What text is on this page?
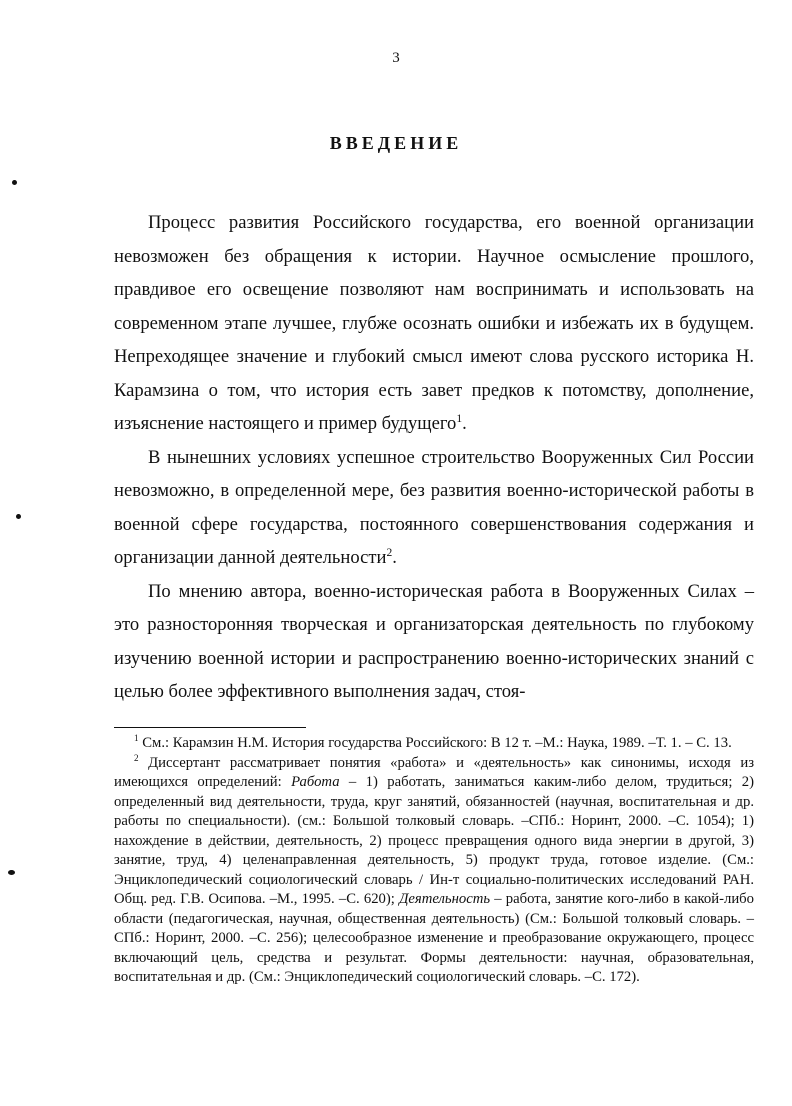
3
ВВЕДЕНИЕ

Процесс развития Российского государства, его военной организации невозможен без обращения к истории. Научное осмысление прошлого, правдивое его освещение позволяют нам воспринимать и использовать на современном этапе лучшее, глубже осознать ошибки и избежать их в будущем. Непреходящее значение и глубокий смысл имеют слова русского историка Н. Карамзина о том, что история есть завет предков к потомству, дополнение, изъяснение настоящего и пример будущего$^1$.

В нынешних условиях успешное строительство Вооруженных Сил России невозможно, в определенной мере, без развития военно-исторической работы в военной сфере государства, постоянного совершенствования содержания и организации данной деятельности$^2$.

По мнению автора, военно-историческая работа в Вооруженных Силах – это разносторонняя творческая и организаторская деятельность по глубокому изучению военной истории и распространению военно-исторических знаний с целью более эффективного выполнения задач, стоя-

$^1$ См.: Карамзин Н.М. История государства Российского: В 12 т. –М.: Наука, 1989. –Т. 1. – С. 13.

$^2$ Диссертант рассматривает понятия «работа» и «деятельность» как синонимы, исходя из имеющихся определений: Работа – 1) работать, заниматься каким-либо делом, трудиться; 2) определенный вид деятельности, труда, круг занятий, обязанностей (научная, воспитательная и др. работы по специальности). (см.: Большой толковый словарь. –СПб.: Норинт, 2000. –С. 1054); 1) нахождение в действии, деятельность, 2) процесс превращения одного вида энергии в другой, 3) занятие, труд, 4) целенаправленная деятельность, 5) продукт труда, готовое изделие. (См.: Энциклопедический социологический словарь / Ин-т социально-политических исследований РАН. Общ. ред. Г.В. Осипова. –М., 1995. –С. 620); Деятельность – работа, занятие кого-либо в какой-либо области (педагогическая, научная, общественная деятельность) (См.: Большой толковый словарь. –СПб.: Норинт, 2000. –С. 256); целесообразное изменение и преобразование окружающего, процесс включающий цель, средства и результат. Формы деятельности: научная, образовательная, воспитательная и др. (См.: Энциклопедический социологический словарь. –С. 172).
